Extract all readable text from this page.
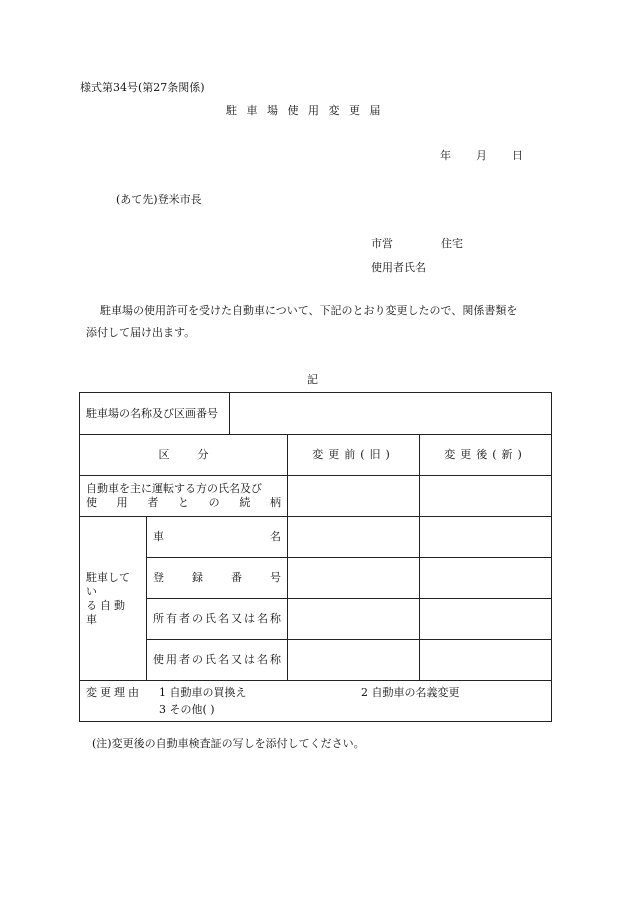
様式第34号(第27条関係)
駐車場使用変更届
年 月 日
(あて先)登米市長
市営	住宅
使用者氏名
駐車場の使用許可を受けた自動車について、下記のとおり変更したので、関係書類を
添付して届け出ます。
記
駐車場の名称及び区画番号				
区分			変更前(旧)	変更後(新)

自動車を主に運転する方の氏名及び
使用者との続柄				

駐車してい
る自動車	車名			
	登録番号			
	所有者の氏名又は名称			
	使用者の氏名又は名称			

変更理由 1 自動車の買換え 2 自動車の名義変更
3 その他( )				
(注)変更後の自動車検査証の写しを添付してください。
